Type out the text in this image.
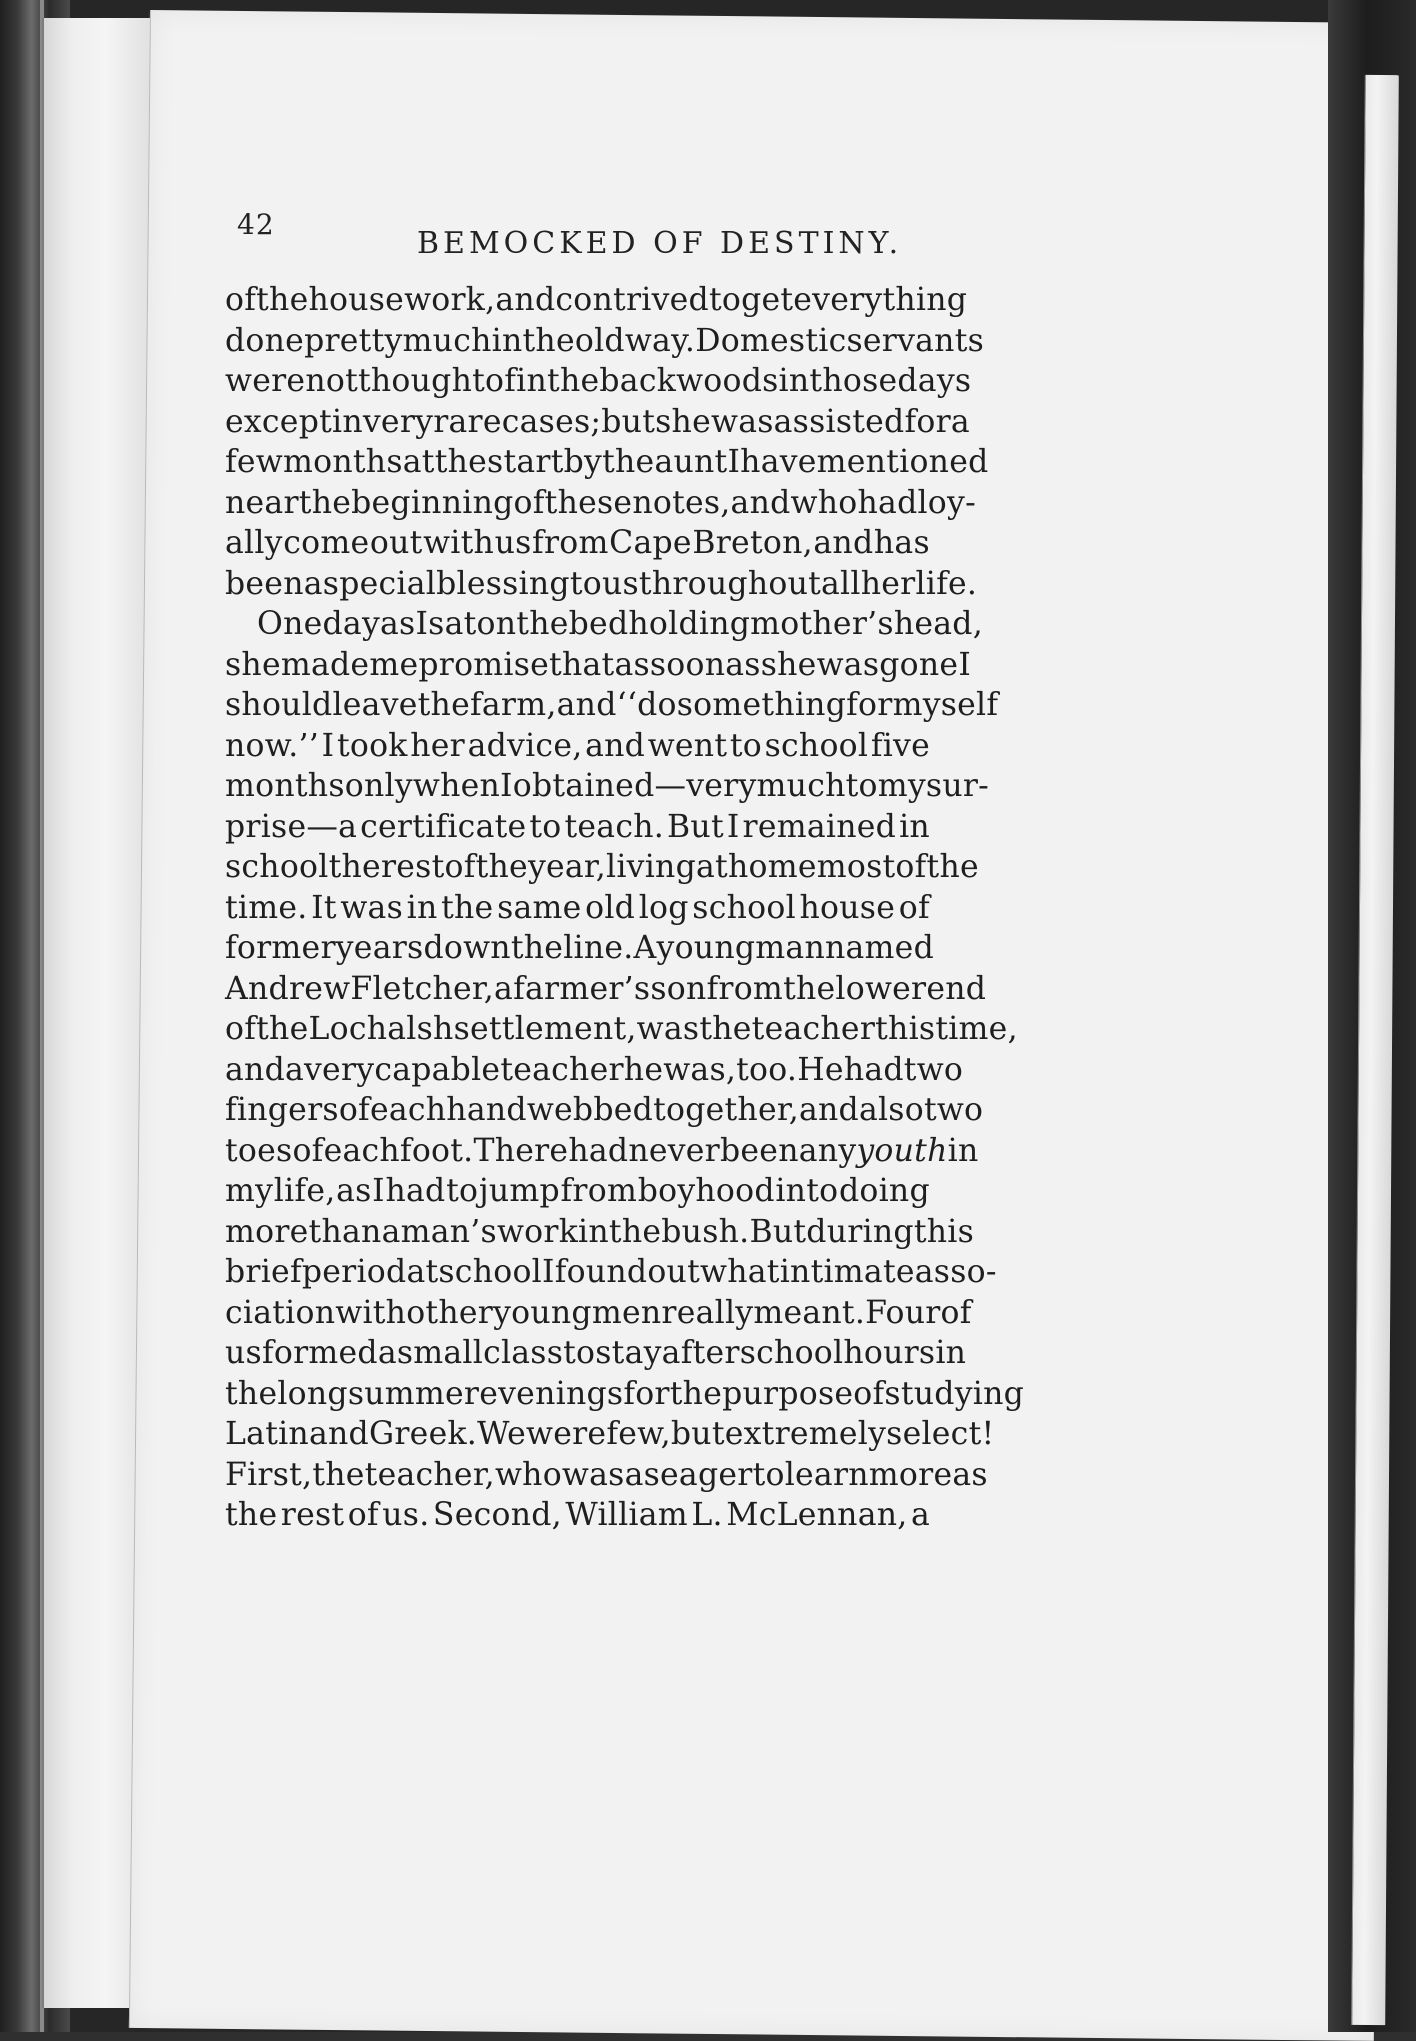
42
BEMOCKED OF DESTINY.
of the housework, and contrived to get everything
done pretty much in the old way. Domestic servants
were not thought of in the backwoods in those days
except in very rare cases; but she was assisted for a
few months at the start by the aunt I have mentioned
near the beginning of these notes, and who had loy-
ally come out with us from Cape Breton, and has
been a special blessing to us throughout all her life.
One day as I sat on the bed holding mother’s head,
she made me promise that as soon as she was gone I
should leave the farm, and ‘‘do something for myself
now.’’ I took her advice, and went to school five
months only when I obtained—very much to my sur-
prise—a certificate to teach. But I remained in
school the rest of the year, living at home most of the
time. It was in the same old log school house of
former years down the line. A young man named
Andrew Fletcher, a farmer’s son from the lower end
of the Lochalsh settlement, was the teacher this time,
and a very capable teacher he was, too. He had two
fingers of each hand webbed together, and also two
toes of each foot. There had never been any youth in
my life, as I had to jump from boyhood into doing
more than a man’s work in the bush. But during this
brief period at school I found out what intimate asso-
ciation with other young men really meant. Four of
us formed a small class to stay after school hours in
the long summer evenings for the purpose of studying
Latin and Greek. We were few, but extremely select!
First, the teacher, who was as eager to learn more as
the rest of us. Second, William L. McLennan, a
